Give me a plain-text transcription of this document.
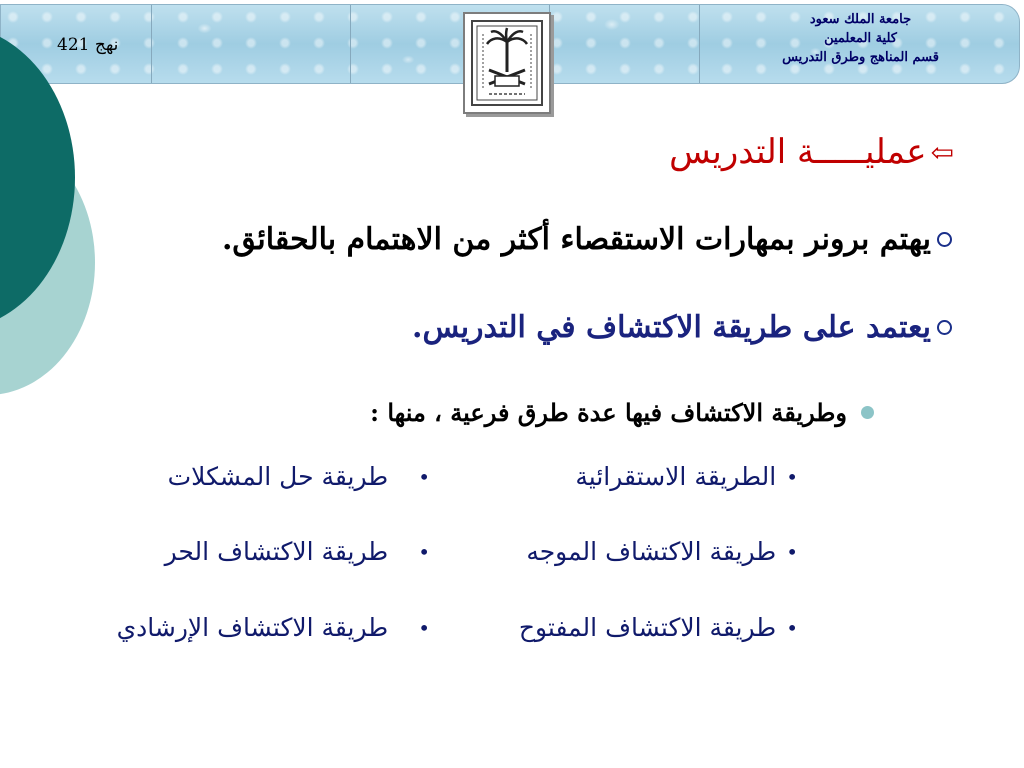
نهج 421
جامعة الملك سعود
كلية المعلمين
قسم المناهج وطرق التدريس
⇦
عمليـــــة التدريس
يهتم برونر بمهارات الاستقصاء أكثر من الاهتمام بالحقائق.
يعتمد على طريقة الاكتشاف في التدريس.
وطريقة الاكتشاف فيها عدة طرق فرعية ، منها :
•
الطريقة الاستقرائية
•
طريقة الاكتشاف الموجه
•
طريقة الاكتشاف المفتوح
•
طريقة حل المشكلات
•
طريقة الاكتشاف الحر
•
طريقة الاكتشاف الإرشادي
